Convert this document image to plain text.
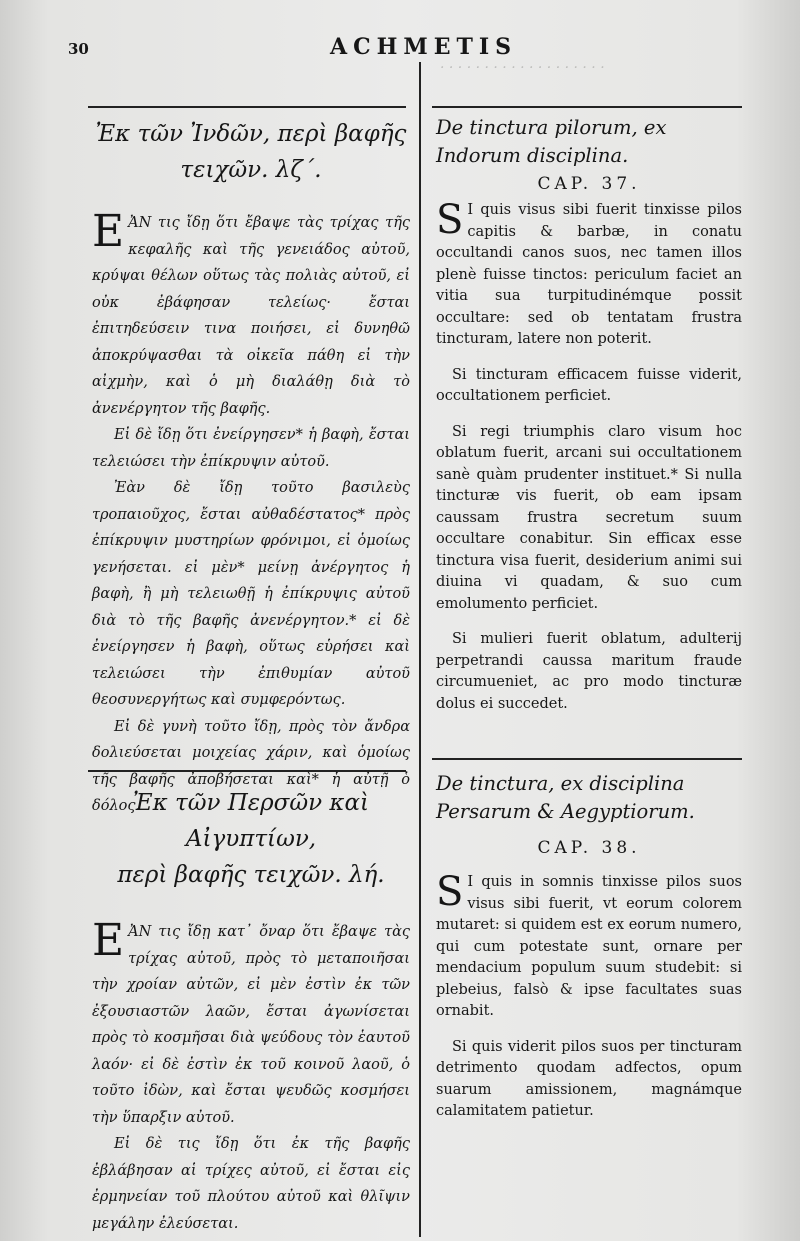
· · · · · · · · · · · · · · · · · · ·
30	ACHMETIS
Ἐκ τῶν Ἰνδῶν, περὶ βαφῆς
τειχῶν. λζ΄.

ΕἈΝ τις ἴδῃ ὅτι ἔβαψε τὰς τρίχας τῆς κεφαλῆς καὶ τῆς γενειάδος αὐτοῦ, κρύψαι θέλων οὕτως τὰς πολιὰς αὐτοῦ, εἰ οὐκ ἐβάφησαν τελείως· ἔσται ἐπιτηδεύσειν τινα ποιήσει, εἰ δυνηθῶ ἀποκρύψασθαι τὰ οἰκεῖα πάθη εἰ τὴν αἰχμὴν, καὶ ὁ μὴ διαλάθῃ διὰ τὸ ἀνενέργητον τῆς βαφῆς.

Εἰ δὲ ἴδῃ ὅτι ἐνείργησεν* ἡ βαφὴ, ἔσται τελειώσει τὴν ἐπίκρυψιν αὐτοῦ.

Ἐὰν δὲ ἴδῃ τοῦτο βασιλεὺς τροπαιοῦχος, ἔσται αὐθαδέστατος* πρὸς ἐπίκρυψιν μυστηρίων φρόνιμοι, εἰ ὁμοίως γενήσεται. εἰ μὲν* μείνῃ ἀνέργητος ἡ βαφὴ, ἢ μὴ τελειωθῇ ἡ ἐπίκρυψις αὐτοῦ διὰ τὸ τῆς βαφῆς ἀνενέργητον.* εἰ δὲ ἐνείργησεν ἡ βαφὴ, οὕτως εὑρήσει καὶ τελειώσει τὴν ἐπιθυμίαν αὐτοῦ θεοσυνεργήτως καὶ συμφερόντως.

Εἰ δὲ γυνὴ τοῦτο ἴδῃ, πρὸς τὸν ἄνδρα δολιεύσεται μοιχείας χάριν, καὶ ὁμοίως τῆς βαφῆς ἀποβήσεται καὶ* ἡ αὐτῇ ὁ δόλος.

Ἐκ τῶν Περσῶν καὶ Αἰγυπτίων,
περὶ βαφῆς τειχῶν. λή.

ΕἈΝ τις ἴδῃ κατ᾽ ὄναρ ὅτι ἔβαψε τὰς τρίχας αὐτοῦ, πρὸς τὸ μεταποιῆσαι τὴν χροίαν αὐτῶν, εἰ μὲν ἐστὶν ἐκ τῶν ἐξουσιαστῶν λαῶν, ἔσται ἀγωνίσεται πρὸς τὸ κοσμῆσαι διὰ ψεύδους τὸν ἑαυτοῦ λαόν· εἰ δὲ ἐστὶν ἐκ τοῦ κοινοῦ λαοῦ, ὁ τοῦτο ἰδὼν, καὶ ἔσται ψευδῶς κοσμήσει τὴν ὕπαρξιν αὐτοῦ.

Εἰ δὲ τις ἴδῃ ὅτι ἐκ τῆς βαφῆς ἐβλάβησαν αἱ τρίχες αὐτοῦ, εἰ ἔσται εἰς ἐρμηνείαν τοῦ πλούτου αὐτοῦ καὶ θλῖψιν μεγάλην ἐλεύσεται.

De tinctura pilorum, ex Indorum disciplina.
CAP. 37.

S I quis visus sibi fuerit tinxisse pilos capitis & barbæ, in conatu occultandi canos suos, nec tamen illos plenè fuisse tinctos: periculum faciet an vitia sua turpitudinémque possit occultare: sed ob tentatam frustra tincturam, latere non poterit.

Si tincturam efficacem fuisse viderit, occultationem perficiet.

Si regi triumphis claro visum hoc oblatum fuerit, arcani sui occultationem sanè quàm prudenter instituet.* Si nulla tincturæ vis fuerit, ob eam ipsam caussam frustra secretum suum occultare conabitur. Sin efficax esse tinctura visa fuerit, desiderium animi sui diuina vi quadam, & suo cum emolumento perficiet.

Si mulieri fuerit oblatum, adulterij perpetrandi caussa maritum fraude circumueniet, ac pro modo tincturæ dolus ei succedet.

De tinctura, ex disciplina Persarum & Aegyptiorum.
CAP. 38.

S I quis in somnis tinxisse pilos suos visus sibi fuerit, vt eorum colorem mutaret: si quidem est ex eorum numero, qui cum potestate sunt, ornare per mendacium populum suum studebit: si plebeius, falsò & ipse facultates suas ornabit.

Si quis viderit pilos suos per tincturam detrimento quodam adfectos, opum suarum amissionem, magnámque calamitatem patietur.
